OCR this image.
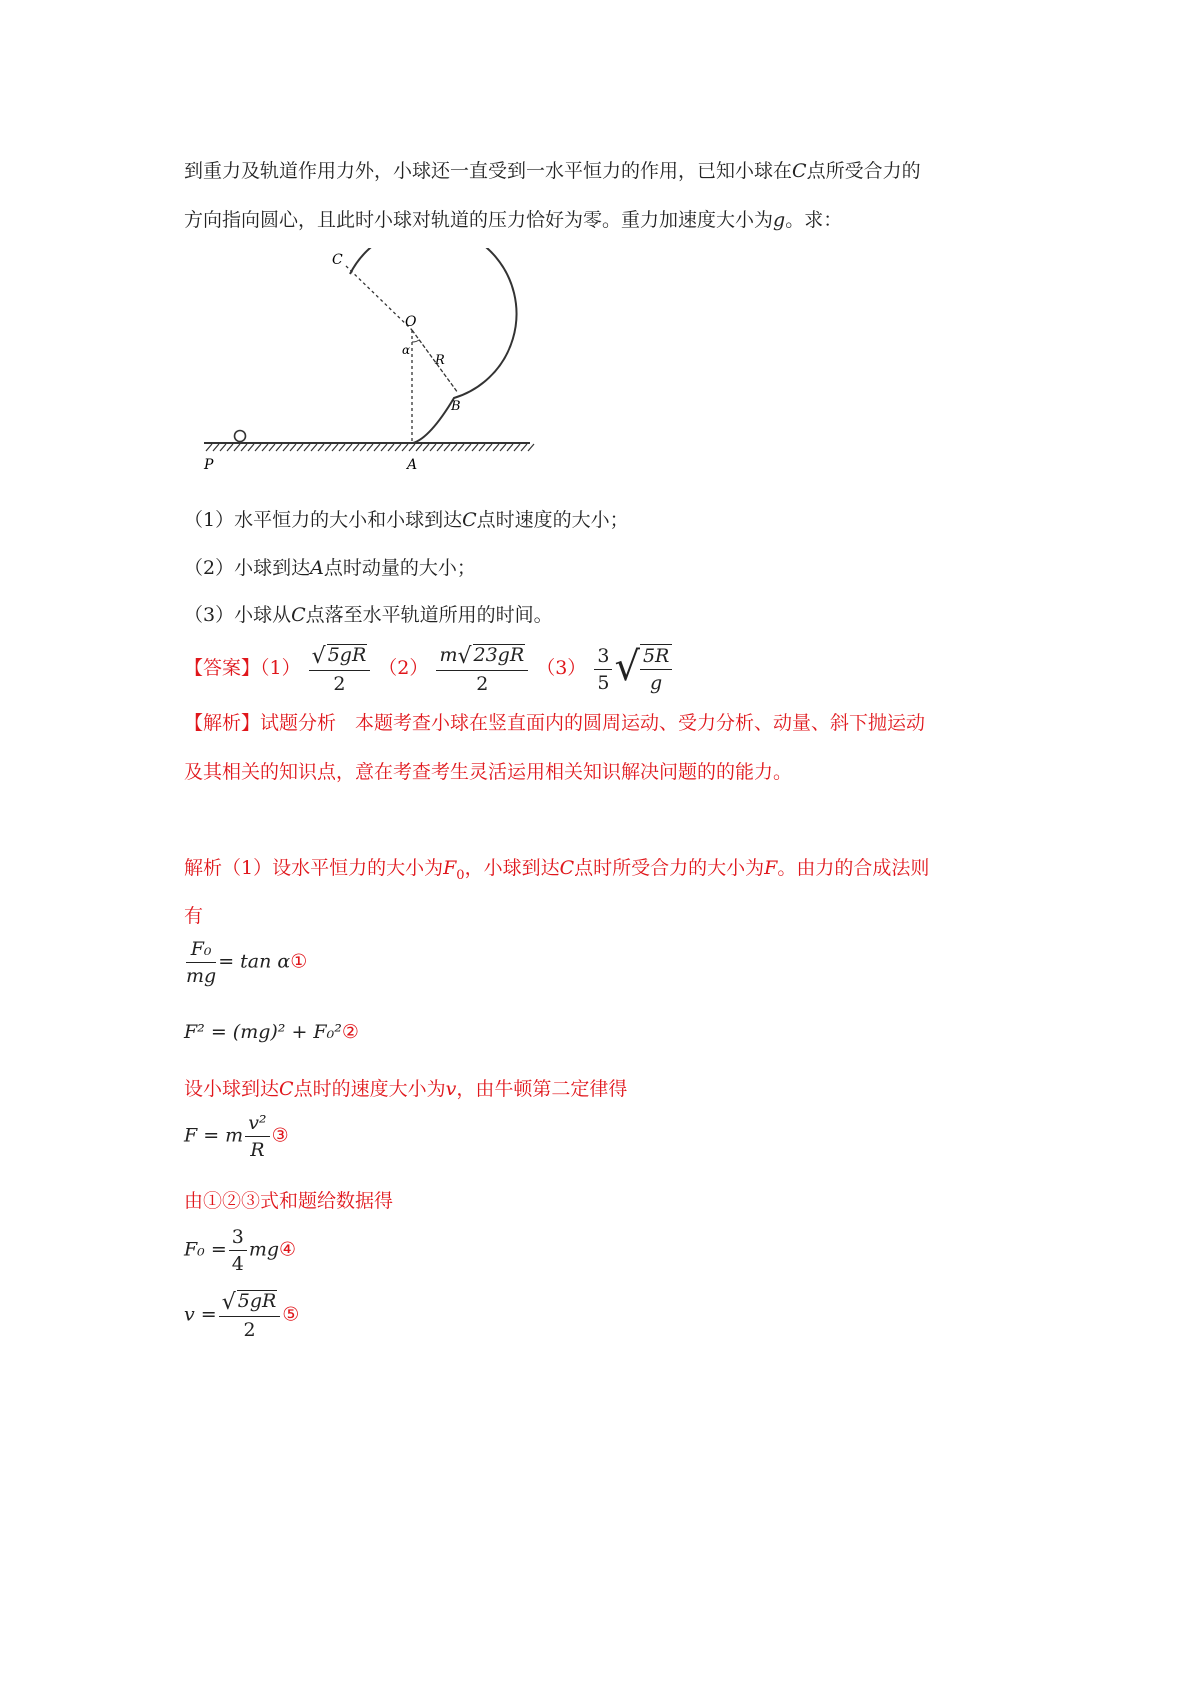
到重力及轨道作用力外，小球还一直受到一水平恒力的作用，已知小球在C点所受合力的
方向指向圆心，且此时小球对轨道的压力恰好为零。重力加速度大小为g。求：
C
O
α
R
B
P	A
（1）水平恒力的大小和小球到达C点时速度的大小；
（2）小球到达A点时动量的大小；
（3）小球从C点落至水平轨道所用的时间。
【答案】$(1) \frac{√ 5gR}{2} (2) \frac{m√ 23gR}{2} (3) \frac{3}{5}$ √ $\frac{5R}{g}$
【解析】试题分析　本题考查小球在竖直面内的圆周运动、受力分析、动量、斜下抛运动
及其相关的知识点，意在考查考生灵活运用相关知识解决问题的的能力。
解析（1）设水平恒力的大小为$F_0$，小球到达C点时所受合力的大小为F。由力的合成法则
有
$\frac{\text{F₀}}{mg} = \tan$ α①
F² = (mg)² + F₀²②
设小球到达C点时的速度大小为v，由牛顿第二定律得
F = m $\frac{\text{v²}}{R}$ ③
由①②③式和题给数据得
$F_0 = \frac{3}{4}$ mg④
$v = \frac{√ 5gR}{2}$ ⑤
